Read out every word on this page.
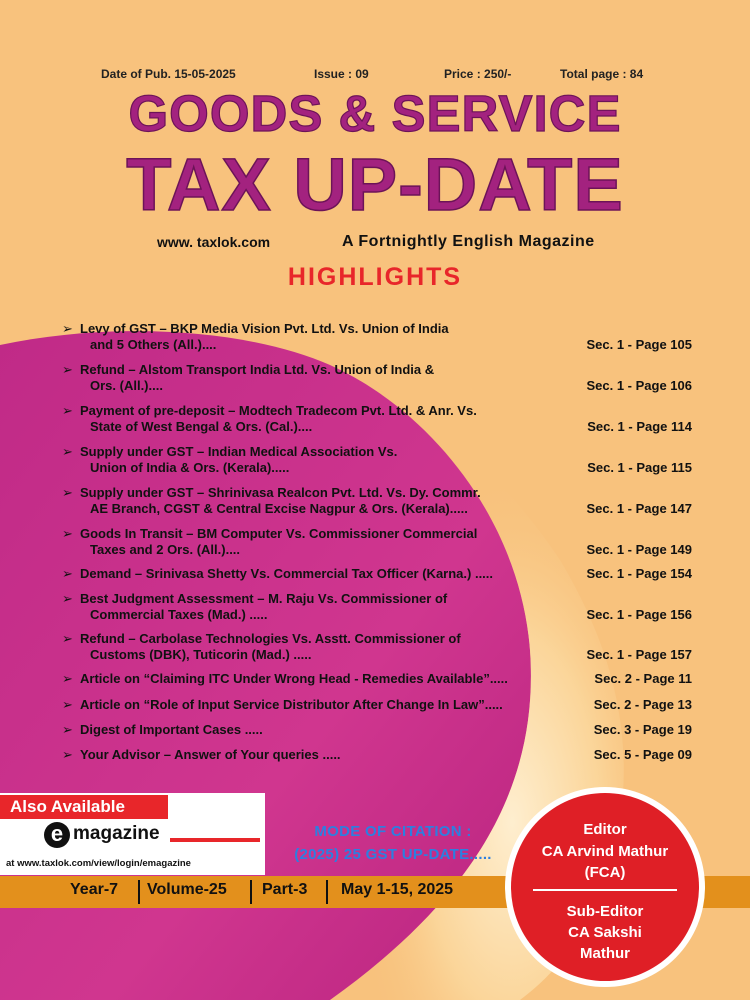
Date of Pub. 15-05-2025	Issue : 09	Price : 250/-	Total page : 84
GOODS & SERVICE
TAX UP-DATE
www. taxlok.com	A Fortnightly English Magazine
HIGHLIGHTS
➢ Levy of GST – BKP Media Vision Pvt. Ltd. Vs. Union of India
and 5 Others (All.)....	Sec. 1 - Page 105
➢ Refund – Alstom Transport India Ltd. Vs. Union of India &
Ors. (All.)....	Sec. 1 - Page 106
➢ Payment of pre-deposit – Modtech Tradecom Pvt. Ltd. & Anr. Vs.
State of West Bengal & Ors. (Cal.)....	Sec. 1 - Page 114
➢ Supply under GST – Indian Medical Association Vs.
Union of India & Ors. (Kerala).....	Sec. 1 - Page 115
➢ Supply under GST – Shrinivasa Realcon Pvt. Ltd. Vs. Dy. Commr.
AE Branch, CGST & Central Excise Nagpur & Ors. (Kerala).....	Sec. 1 - Page 147
➢ Goods In Transit – BM Computer Vs. Commissioner Commercial
Taxes and 2 Ors. (All.)....	Sec. 1 - Page 149
➢ Demand – Srinivasa Shetty Vs. Commercial Tax Officer (Karna.) .....	Sec. 1 - Page 154
➢ Best Judgment Assessment – M. Raju Vs. Commissioner of
Commercial Taxes (Mad.) .....	Sec. 1 - Page 156
➢ Refund – Carbolase Technologies Vs. Asstt. Commissioner of
Customs (DBK), Tuticorin (Mad.) .....	Sec. 1 - Page 157
➢ Article on “Claiming ITC Under Wrong Head - Remedies Available”.....	Sec. 2 - Page 11
➢ Article on “Role of Input Service Distributor After Change In Law”.....	Sec. 2 - Page 13
➢ Digest of Important Cases .....	Sec. 3 - Page 19
➢ Your Advisor – Answer of Your queries .....	Sec. 5 - Page 09
Also Available
e magazine
at www.taxlok.com/view/login/emagazine
MODE OF CITATION :
(2025) 25 GST UP-DATE.....
Year-7 Volume-25 Part-3 May 1-15, 2025
Editor
CA Arvind Mathur
(FCA)
Sub-Editor
CA Sakshi
Mathur
